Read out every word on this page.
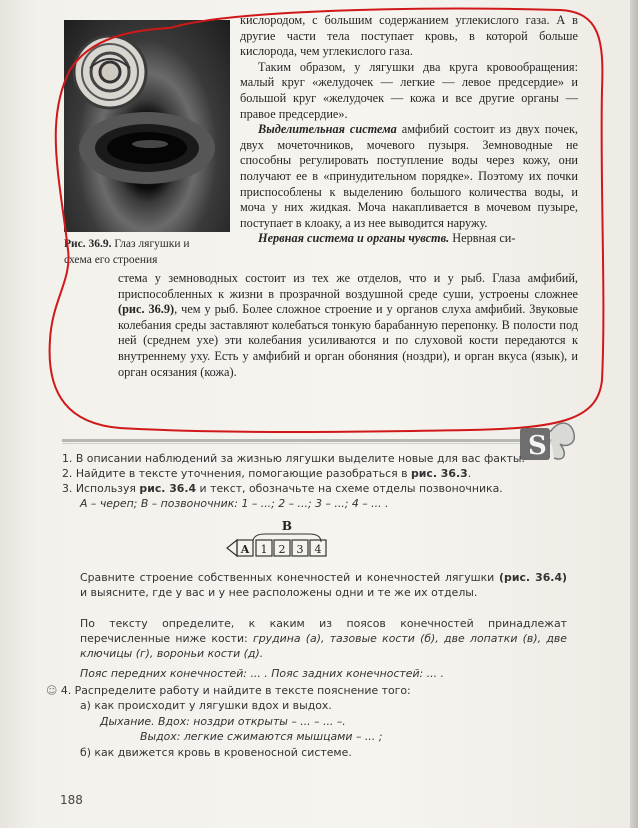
Рис. 36.9. Глаз лягушки и схема его строения

кислородом, с большим содержанием углекислого газа. А в другие части тела поступает кровь, в которой больше кислорода, чем углекислого газа.

Таким образом, у лягушки два круга кровообращения: малый круг «желудочек — легкие — левое предсердие» и большой круг «желудочек — кожа и все другие органы — правое предсердие».

Выделительная система амфибий состоит из двух почек, двух мочеточников, мочевого пузыря. Земноводные не способны регулировать поступление воды через кожу, они получают ее в «принудительном порядке». Поэтому их почки приспособлены к выделению большого количества воды, и моча у них жидкая. Моча накапливается в мочевом пузыре, поступает в клоаку, а из нее выводится наружу.

Нервная система и органы чувств. Нервная си-

стема у земноводных состоит из тех же отделов, что и у рыб. Глаза амфибий, приспособленных к жизни в прозрачной воздушной среде суши, устроены сложнее (рис. 36.9), чем у рыб. Более сложное строение и у органов слуха амфибий. Звуковые колебания среды заставляют колебаться тонкую барабанную перепонку. В полости под ней (среднем ухе) эти колебания усиливаются и по слуховой кости передаются к внутреннему уху. Есть у амфибий и орган обоняния (ноздри), и орган вкуса (язык), и орган осязания (кожа).

S
1. В описании наблюдений за жизнью лягушки выделите новые для вас факты.
2. Найдите в тексте уточнения, помогающие разобраться в рис. 36.3.
3. Используя рис. 36.4 и текст, обозначьте на схеме отделы позвоночника.
А – череп; В – позвоночник: 1 – ...; 2 – ...; 3 – ...; 4 – ... .
B
A 1 2 3 4
Сравните строение собственных конечностей и конечностей лягушки (рис. 36.4) и выясните, где у вас и у нее расположены одни и те же их отделы.
По тексту определите, к каким из поясов конечностей принадлежат перечисленные ниже кости: грудина (а), тазовые кости (б), две лопатки (в), две ключицы (г), вороньи кости (д).
Пояс передних конечностей: ... . Пояс задних конечностей: ... .
☺ 4. Распределите работу и найдите в тексте пояснение того:
а) как происходит у лягушки вдох и выдох.
Дыхание. Вдох: ноздри открыты – ... – ... –.
Выдох: легкие сжимаются мышцами – ... ;
б) как движется кровь в кровеносной системе.
188
